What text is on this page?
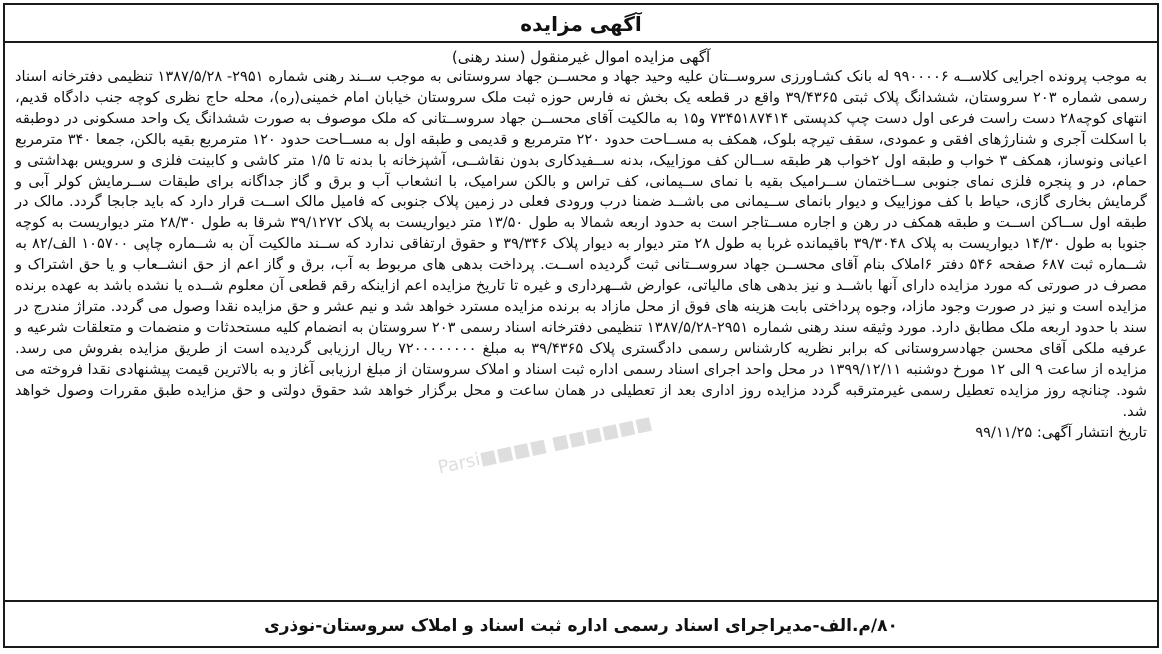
آگهی مزایده
آگهی مزایده اموال غیرمنقول (سند رهنی)
به موجب پرونده اجرایی کلاســه ۹۹۰۰۰۰۶ له بانک کشـاورزی سروســتان علیه وحید جهاد و محســن جهاد سروستانی به موجب ســند رهنی شماره ۲۹۵۱- ۱۳۸۷/۵/۲۸ تنظیمی دفترخانه اسناد رسمی شماره ۲۰۳ سروستان، ششدانگ پلاک ثبتی ۳۹/۴۳۶۵ واقع در قطعه یک بخش نه فارس حوزه ثبت ملک سروستان خیابان امام خمینی(ره)، محله حاج نظری کوچه جنب دادگاه قدیم، انتهای کوچه۲۸ دست راست فرعی اول دست چپ کدپستی ۷۳۴۵۱۸۷۴۱۴ و۱۵ به مالکیت آقای محســن جهاد سروســتانی که ملک موصوف به صورت ششدانگ یک واحد مسکونی در دوطبقه با اسکلت آجری و شنارژهای افقی و عمودی، سقف تیرچه بلوک، همکف به مســاحت حدود ۲۲۰ مترمربع و قدیمی و طبقه اول به مســاحت حدود ۱۲۰ مترمربع بقیه بالکن، جمعا ۳۴۰ مترمربع اعیانی ونوساز، همکف ۳ خواب و طبقه اول ۲خواب هر طبقه ســالن کف موزاییک، بدنه ســفیدکاری بدون نقاشــی، آشپزخانه با بدنه تا ۱/۵ متر کاشی و کابینت فلزی و سرویس بهداشتی و حمام، در و پنجره فلزی نمای جنوبی ســاختمان ســرامیک بقیه با نمای ســیمانی، کف تراس و بالکن سرامیک، با انشعاب آب و برق و گاز جداگانه برای طبقات ســرمایش کولر آبی و گرمایش بخاری گازی، حیاط با کف موزاییک و دیوار بانمای ســیمانی می باشــد ضمنا درب ورودی فعلی در زمین پلاک جنوبی که فامیل مالک اســت قرار دارد که باید جابجا گردد. مالک در طبقه اول ســاکن اســت و طبقه همکف در رهن و اجاره مســتاجر است به حدود اربعه شمالا به طول ۱۳/۵۰ متر دیواریست به پلاک ۳۹/۱۲۷۲ شرقا به طول ۲۸/۳۰ متر دیواریست به کوچه جنوبا به طول ۱۴/۳۰ دیواریست به پلاک ۳۹/۳۰۴۸ باقیمانده غربا به طول ۲۸ متر دیوار به دیوار پلاک ۳۹/۳۴۶ و حقوق ارتفاقی ندارد که ســند مالکیت آن به شــماره چاپی ۱۰۵۷۰۰ الف/۸۲ به شــماره ثبت ۶۸۷ صفحه ۵۴۶ دفتر ۶املاک بنام آقای محســن جهاد سروســتانی ثبت گردیده اســت. پرداخت بدهی های مربوط به آب، برق و گاز اعم از حق انشــعاب و یا حق اشتراک و مصرف در صورتی که مورد مزایده دارای آنها باشــد و نیز بدهی های مالیاتی، عوارض شــهرداری و غیره تا تاریخ مزایده اعم ازاینکه رقم قطعی آن معلوم شــده یا نشده باشد به عهده برنده مزایده است و نیز در صورت وجود مازاد، وجوه پرداختی بابت هزینه های فوق از محل مازاد به برنده مزایده مسترد خواهد شد و نیم عشر و حق مزایده نقدا وصول می گردد. متراژ مندرج در سند با حدود اربعه ملک مطابق دارد. مورد وثیقه سند رهنی شماره ۲۹۵۱-۱۳۸۷/۵/۲۸ تنظیمی دفترخانه اسناد رسمی ۲۰۳ سروستان به انضمام کلیه مستحدثات و منضمات و متعلقات شرعیه و عرفیه ملکی آقای محسن جهادسروستانی که برابر نظریه کارشناس رسمی دادگستری پلاک ۳۹/۴۳۶۵ به مبلغ ۷۲۰۰۰۰۰۰۰۰ ریال ارزیابی گردیده است از طریق مزایده بفروش می رسد. مزایده از ساعت ۹ الی ۱۲ مورخ دوشنبه ۱۳۹۹/۱۲/۱۱ در محل واحد اجرای اسناد رسمی اداره ثبت اسناد و املاک سروستان از مبلغ ارزیابی آغاز و به بالاترین قیمت پیشنهادی نقدا فروخته می شود. چنانچه روز مزایده تعطیل رسمی غیرمترقبه گردد مزایده روز اداری بعد از تعطیلی در همان ساعت و محل برگزار خواهد شد حقوق دولتی و حق مزایده طبق مقررات وصول خواهد شد.
تاریخ انتشار آگهی: ۹۹/۱۱/۲۵
Parsi■■■■ ■■■■■■
۸۰/م.الف-مدیراجرای اسناد رسمی اداره ثبت اسناد و املاک سروستان-نوذری
